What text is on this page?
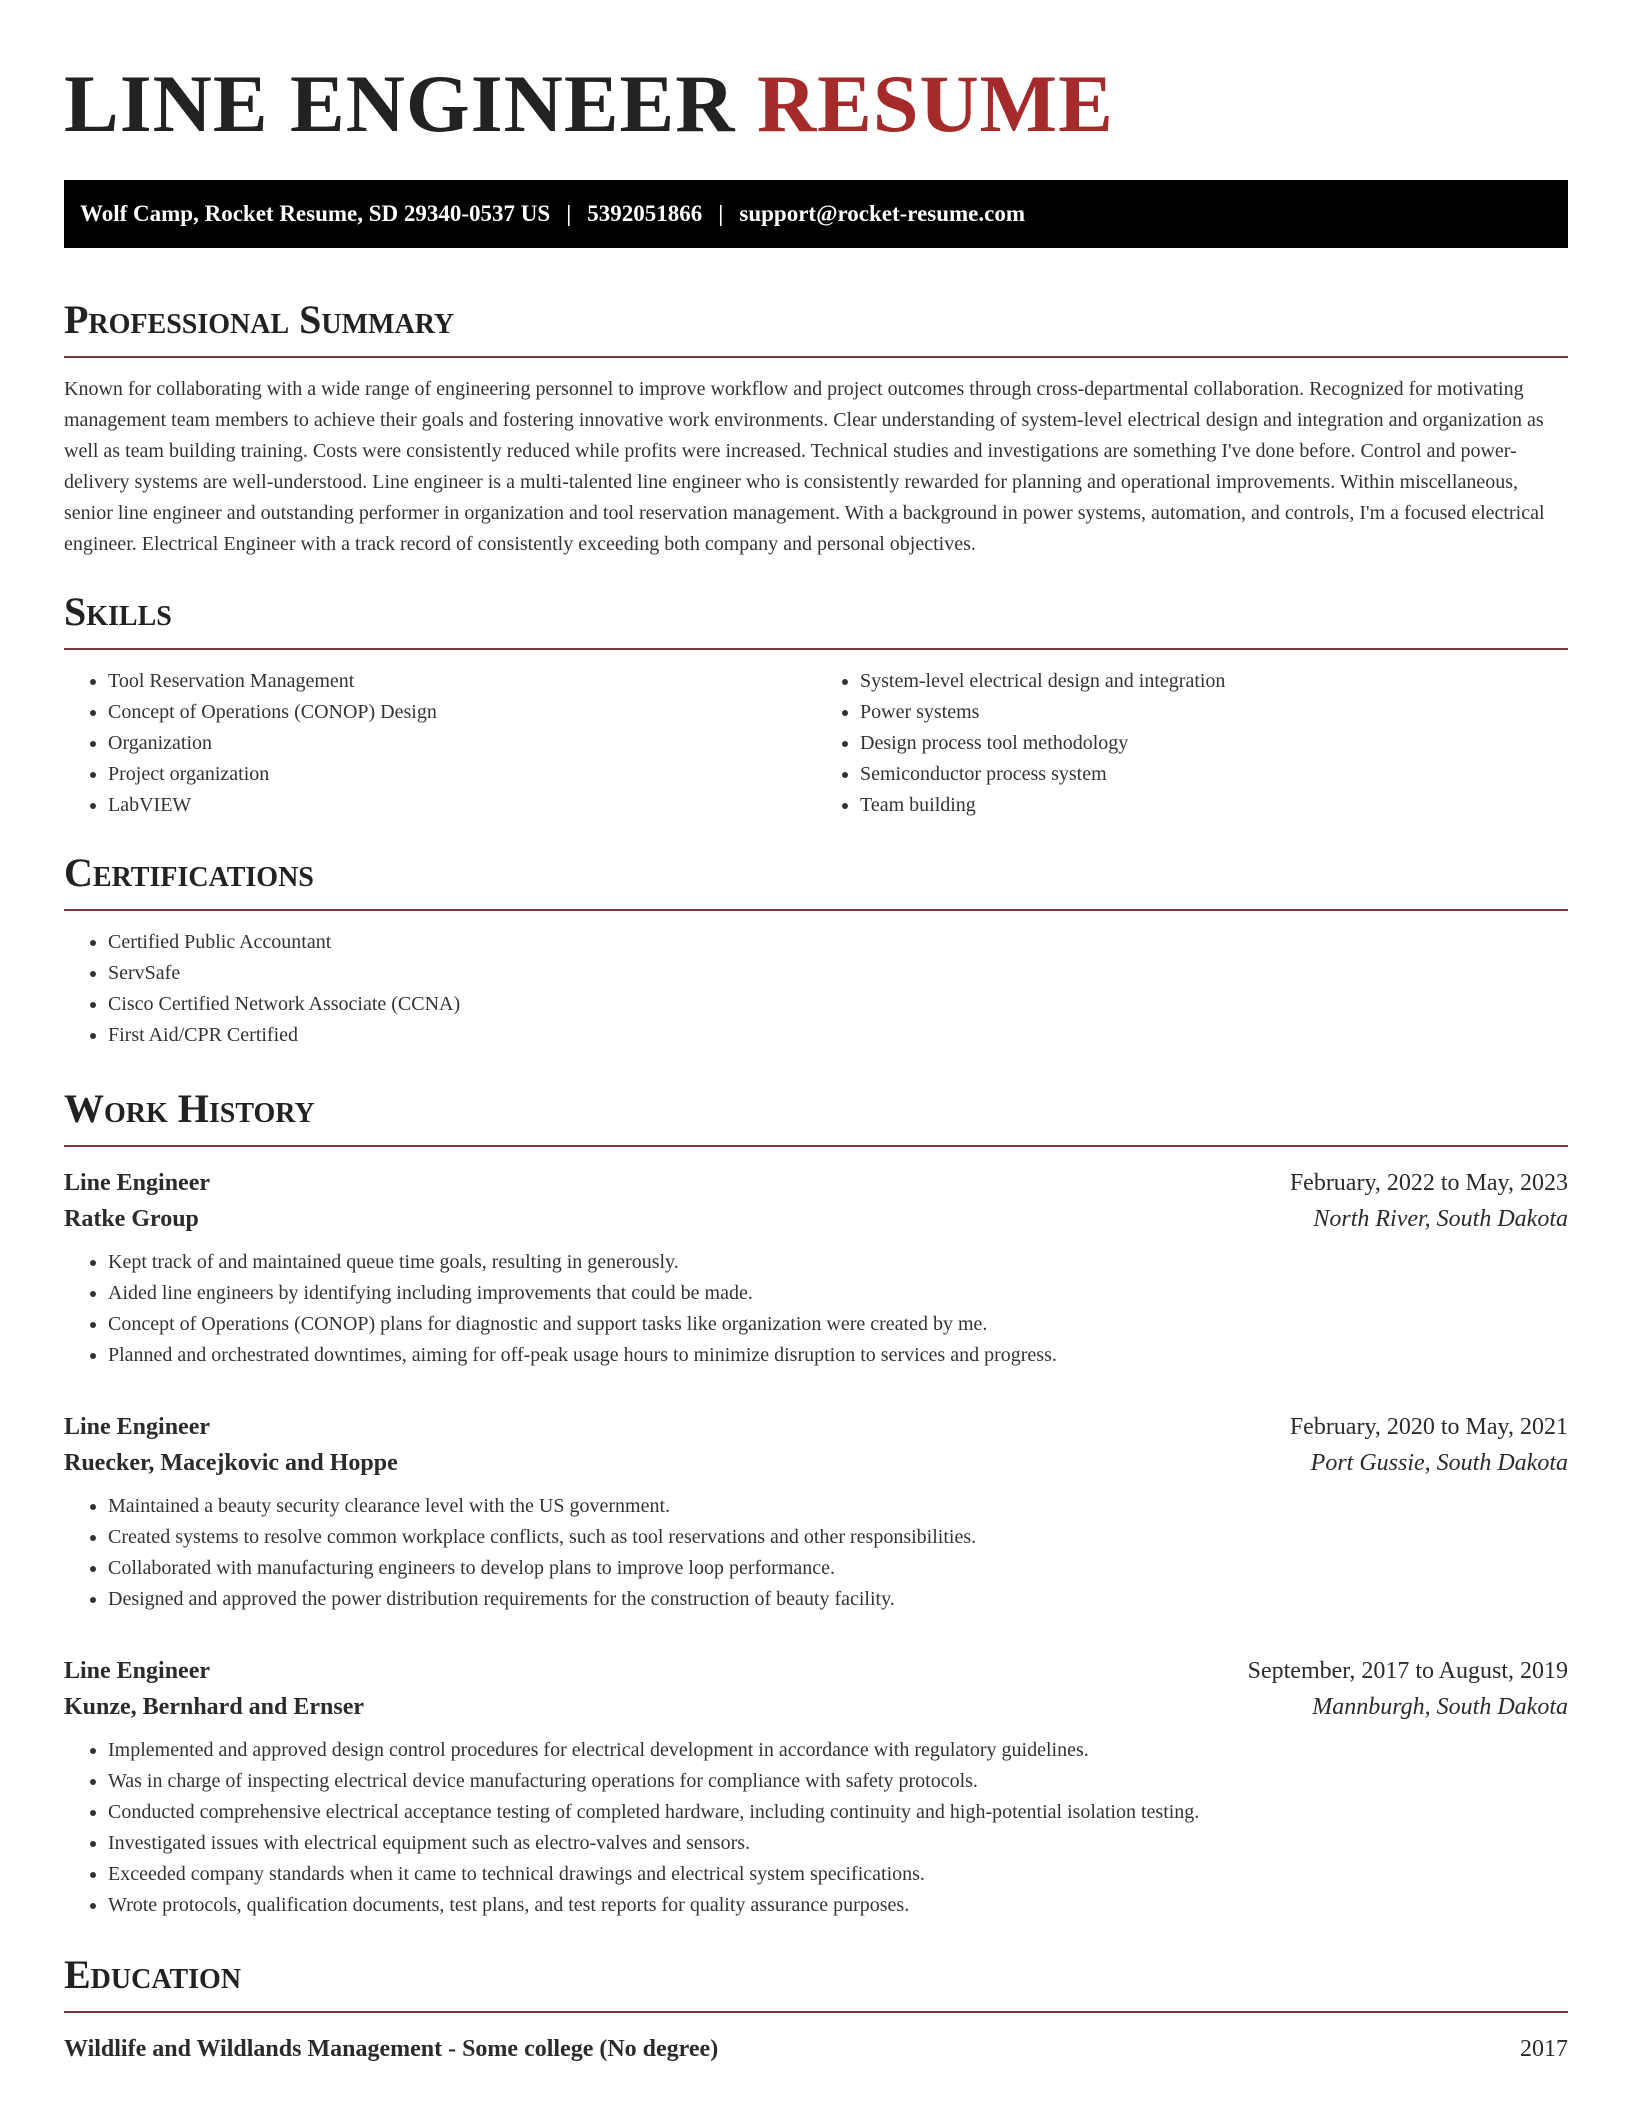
LINE ENGINEER RESUME
Wolf Camp, Rocket Resume, SD 29340-0537 US | 5392051866 | support@rocket-resume.com
Professional Summary

Known for collaborating with a wide range of engineering personnel to improve workflow and project outcomes through cross-departmental collaboration. Recognized for motivating management team members to achieve their goals and fostering innovative work environments. Clear understanding of system-level electrical design and integration and organization as well as team building training. Costs were consistently reduced while profits were increased. Technical studies and investigations are something I've done before. Control and power-delivery systems are well-understood. Line engineer is a multi-talented line engineer who is consistently rewarded for planning and operational improvements. Within miscellaneous, senior line engineer and outstanding performer in organization and tool reservation management. With a background in power systems, automation, and controls, I'm a focused electrical engineer. Electrical Engineer with a track record of consistently exceeding both company and personal objectives.

Skills
• Tool Reservation Management
• Concept of Operations (CONOP) Design
• Organization
• Project organization
• LabVIEW
• System-level electrical design and integration
• Power systems
• Design process tool methodology
• Semiconductor process system
• Team building
Certifications
• Certified Public Accountant
• ServSafe
• Cisco Certified Network Associate (CCNA)
• First Aid/CPR Certified
Work History
Line Engineer	February, 2022 to May, 2023
Ratke Group	North River, South Dakota
• Kept track of and maintained queue time goals, resulting in generously.
• Aided line engineers by identifying including improvements that could be made.
• Concept of Operations (CONOP) plans for diagnostic and support tasks like organization were created by me.
• Planned and orchestrated downtimes, aiming for off-peak usage hours to minimize disruption to services and progress.
Line Engineer	February, 2020 to May, 2021
Ruecker, Macejkovic and Hoppe	Port Gussie, South Dakota
• Maintained a beauty security clearance level with the US government.
• Created systems to resolve common workplace conflicts, such as tool reservations and other responsibilities.
• Collaborated with manufacturing engineers to develop plans to improve loop performance.
• Designed and approved the power distribution requirements for the construction of beauty facility.
Line Engineer	September, 2017 to August, 2019
Kunze, Bernhard and Ernser	Mannburgh, South Dakota
• Implemented and approved design control procedures for electrical development in accordance with regulatory guidelines.
• Was in charge of inspecting electrical device manufacturing operations for compliance with safety protocols.
• Conducted comprehensive electrical acceptance testing of completed hardware, including continuity and high-potential isolation testing.
• Investigated issues with electrical equipment such as electro-valves and sensors.
• Exceeded company standards when it came to technical drawings and electrical system specifications.
• Wrote protocols, qualification documents, test plans, and test reports for quality assurance purposes.
Education
Wildlife and Wildlands Management - Some college (No degree)	2017
